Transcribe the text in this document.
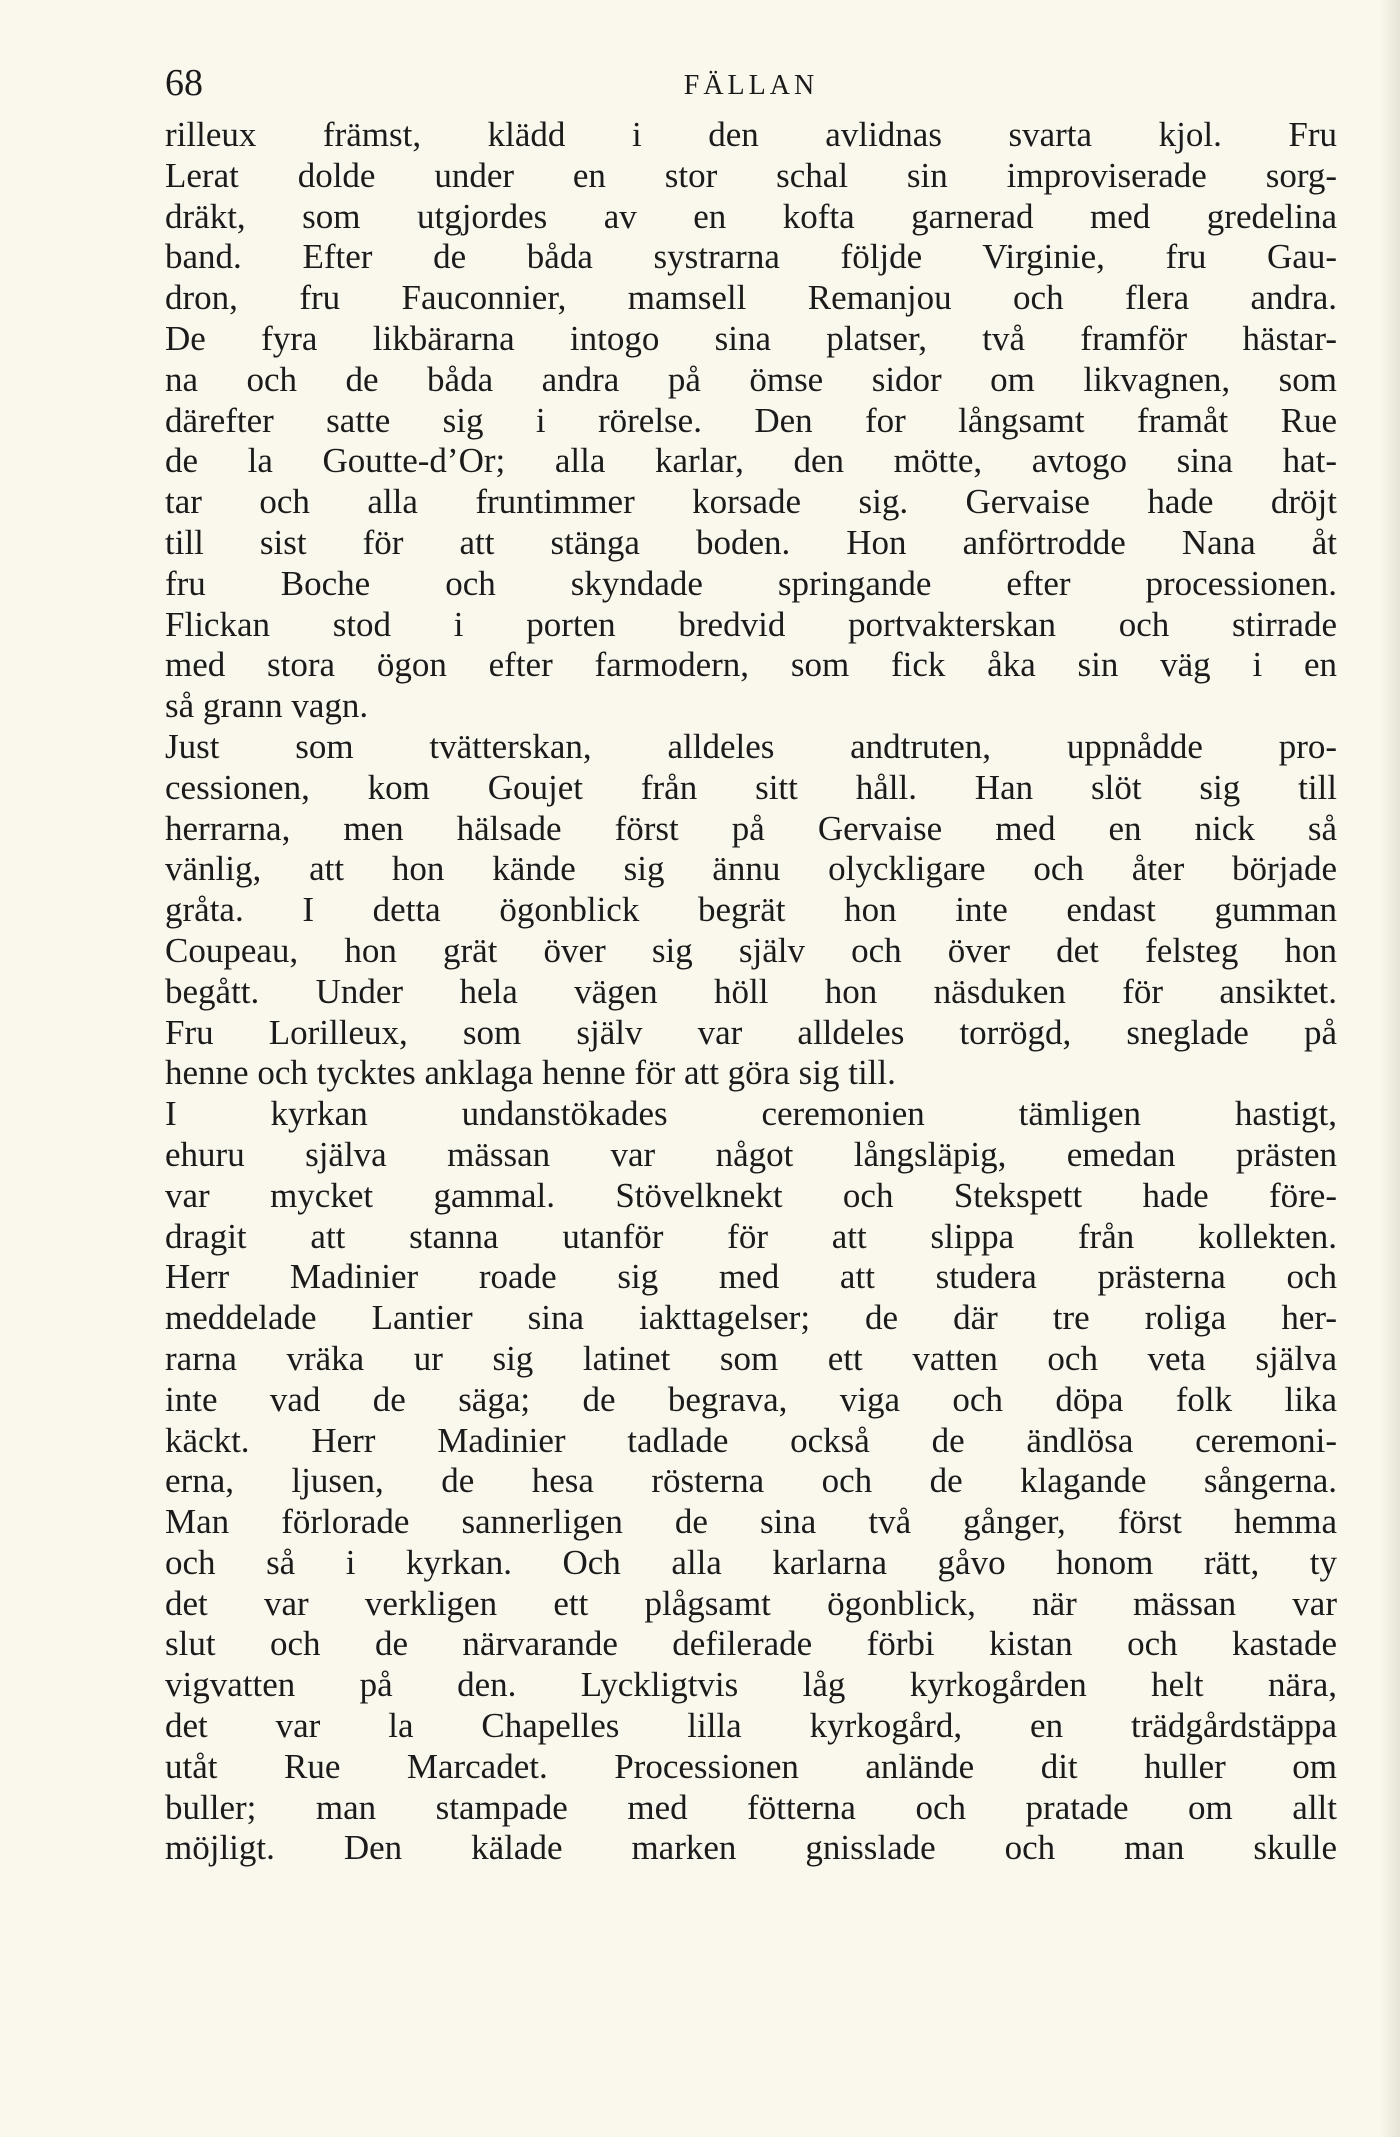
68	FÄLLAN
rilleux främst, klädd i den avlidnas svarta kjol. Fru
Lerat dolde under en stor schal sin improviserade sorg-
dräkt, som utgjordes av en kofta garnerad med gredelina
band. Efter de båda systrarna följde Virginie, fru Gau-
dron, fru Fauconnier, mamsell Remanjou och flera andra.
De fyra likbärarna intogo sina platser, två framför hästar-
na och de båda andra på ömse sidor om likvagnen, som
därefter satte sig i rörelse. Den for långsamt framåt Rue
de la Goutte-d’Or; alla karlar, den mötte, avtogo sina hat-
tar och alla fruntimmer korsade sig. Gervaise hade dröjt
till sist för att stänga boden. Hon anförtrodde Nana åt
fru Boche och skyndade springande efter processionen.
Flickan stod i porten bredvid portvakterskan och stirrade
med stora ögon efter farmodern, som fick åka sin väg i en
så grann vagn.
Just som tvätterskan, alldeles andtruten, uppnådde pro-
cessionen, kom Goujet från sitt håll. Han slöt sig till
herrarna, men hälsade först på Gervaise med en nick så
vänlig, att hon kände sig ännu olyckligare och åter började
gråta. I detta ögonblick begrät hon inte endast gumman
Coupeau, hon grät över sig själv och över det felsteg hon
begått. Under hela vägen höll hon näsduken för ansiktet.
Fru Lorilleux, som själv var alldeles torrögd, sneglade på
henne och tycktes anklaga henne för att göra sig till.
I kyrkan undanstökades ceremonien tämligen hastigt,
ehuru själva mässan var något långsläpig, emedan prästen
var mycket gammal. Stövelknekt och Stekspett hade före-
dragit att stanna utanför för att slippa från kollekten.
Herr Madinier roade sig med att studera prästerna och
meddelade Lantier sina iakttagelser; de där tre roliga her-
rarna vräka ur sig latinet som ett vatten och veta själva
inte vad de säga; de begrava, viga och döpa folk lika
käckt. Herr Madinier tadlade också de ändlösa ceremoni-
erna, ljusen, de hesa rösterna och de klagande sångerna.
Man förlorade sannerligen de sina två gånger, först hemma
och så i kyrkan. Och alla karlarna gåvo honom rätt, ty
det var verkligen ett plågsamt ögonblick, när mässan var
slut och de närvarande defilerade förbi kistan och kastade
vigvatten på den. Lyckligtvis låg kyrkogården helt nära,
det var la Chapelles lilla kyrkogård, en trädgårdstäppa
utåt Rue Marcadet. Processionen anlände dit huller om
buller; man stampade med fötterna och pratade om allt
möjligt. Den kälade marken gnisslade och man skulle
